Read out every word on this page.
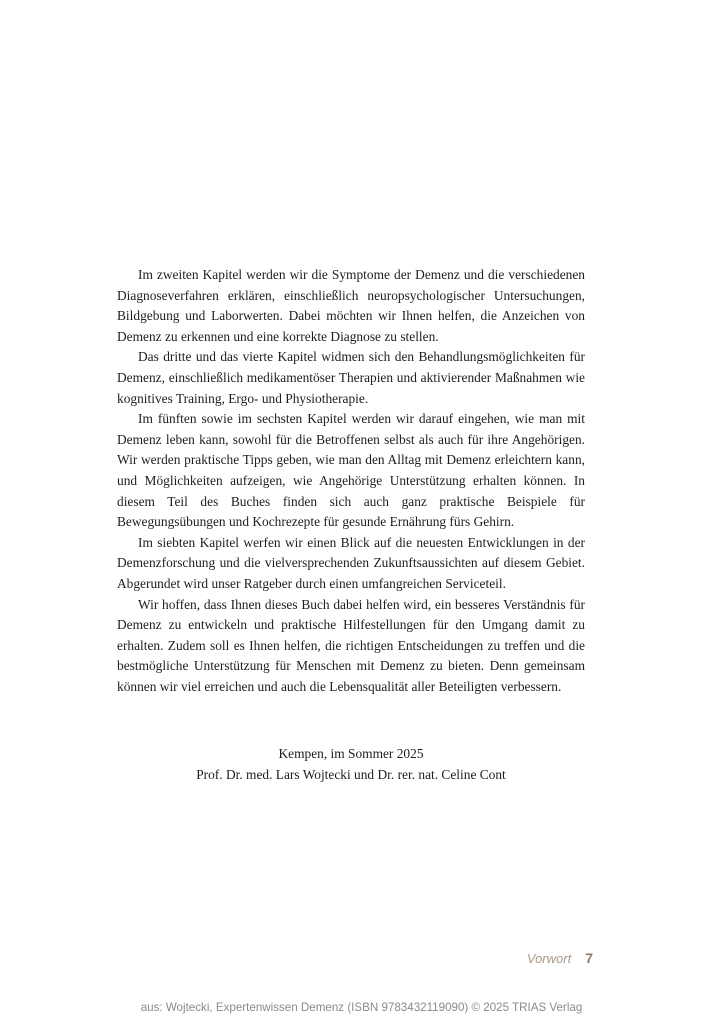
Im zweiten Kapitel werden wir die Symptome der Demenz und die verschiedenen Diagnoseverfahren erklären, einschließlich neuropsychologischer Untersuchungen, Bildgebung und Laborwerten. Dabei möchten wir Ihnen helfen, die Anzeichen von Demenz zu erkennen und eine korrekte Diagnose zu stellen.

Das dritte und das vierte Kapitel widmen sich den Behandlungsmöglichkeiten für Demenz, einschließlich medikamentöser Therapien und aktivierender Maßnahmen wie kognitives Training, Ergo- und Physiotherapie.

Im fünften sowie im sechsten Kapitel werden wir darauf eingehen, wie man mit Demenz leben kann, sowohl für die Betroffenen selbst als auch für ihre Angehörigen. Wir werden praktische Tipps geben, wie man den Alltag mit Demenz erleichtern kann, und Möglichkeiten aufzeigen, wie Angehörige Unterstützung erhalten können. In diesem Teil des Buches finden sich auch ganz praktische Beispiele für Bewegungsübungen und Kochrezepte für gesunde Ernährung fürs Gehirn.

Im siebten Kapitel werfen wir einen Blick auf die neuesten Entwicklungen in der Demenzforschung und die vielversprechenden Zukunftsaussichten auf diesem Gebiet. Abgerundet wird unser Ratgeber durch einen umfangreichen Serviceteil.

Wir hoffen, dass Ihnen dieses Buch dabei helfen wird, ein besseres Verständnis für Demenz zu entwickeln und praktische Hilfestellungen für den Umgang damit zu erhalten. Zudem soll es Ihnen helfen, die richtigen Entscheidungen zu treffen und die bestmögliche Unterstützung für Menschen mit Demenz zu bieten. Denn gemeinsam können wir viel erreichen und auch die Lebensqualität aller Beteiligten verbessern.

Kempen, im Sommer 2025
Prof. Dr. med. Lars Wojtecki und Dr. rer. nat. Celine Cont
Vorwort 7
aus: Wojtecki, Expertenwissen Demenz (ISBN 9783432119090) © 2025 TRIAS Verlag
